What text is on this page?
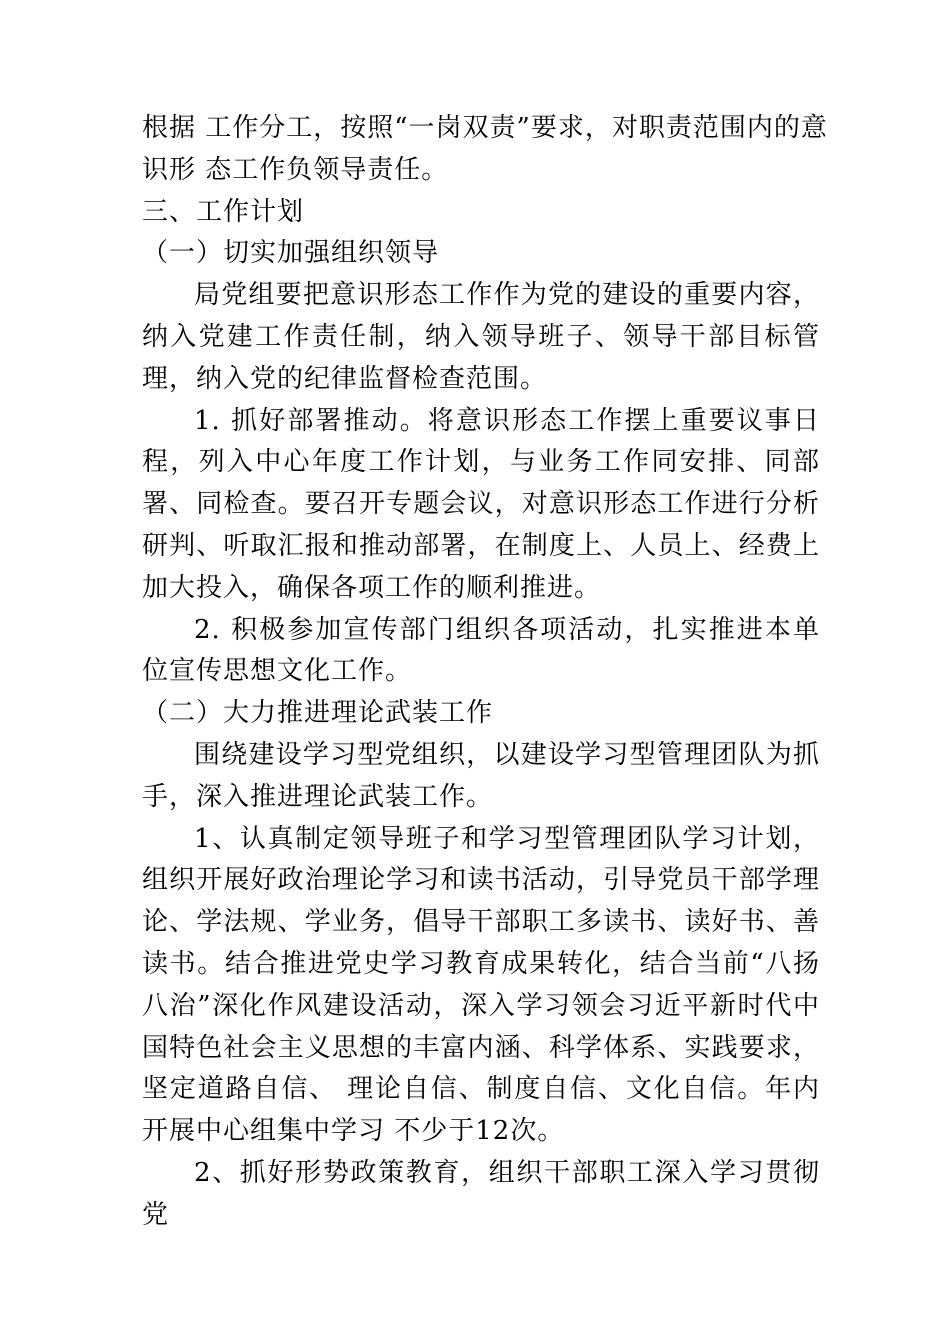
根据 工作分工，按照“一岗双责”要求，对职责范围内的意
识形 态工作负领导责任。

三、工作计划

（一）切实加强组织领导

局党组要把意识形态工作作为党的建设的重要内容，纳入党建工作责任制，纳入领导班子、领导干部目标管理，纳入党的纪律监督检查范围。

1. 抓好部署推动。将意识形态工作摆上重要议事日程，列入中心年度工作计划，与业务工作同安排、同部署、同检查。要召开专题会议，对意识形态工作进行分析研判、听取汇报和推动部署，在制度上、人员上、经费上加大投入，确保各项工作的顺利推进。

2. 积极参加宣传部门组织各项活动，扎实推进本单位宣传思想文化工作。

（二）大力推进理论武装工作

围绕建设学习型党组织，以建设学习型管理团队为抓手，深入推进理论武装工作。

1、认真制定领导班子和学习型管理团队学习计划，组织开展好政治理论学习和读书活动，引导党员干部学理论、学法规、学业务，倡导干部职工多读书、读好书、善读书。结合推进党史学习教育成果转化，结合当前“八扬八治”深化作风建设活动，深入学习领会习近平新时代中国特色社会主义思想的丰富内涵、科学体系、实践要求，坚定道路自信、 理论自信、制度自信、文化自信。年内开展中心组集中学习 不少于12次。

2、抓好形势政策教育，组织干部职工深入学习贯彻党
